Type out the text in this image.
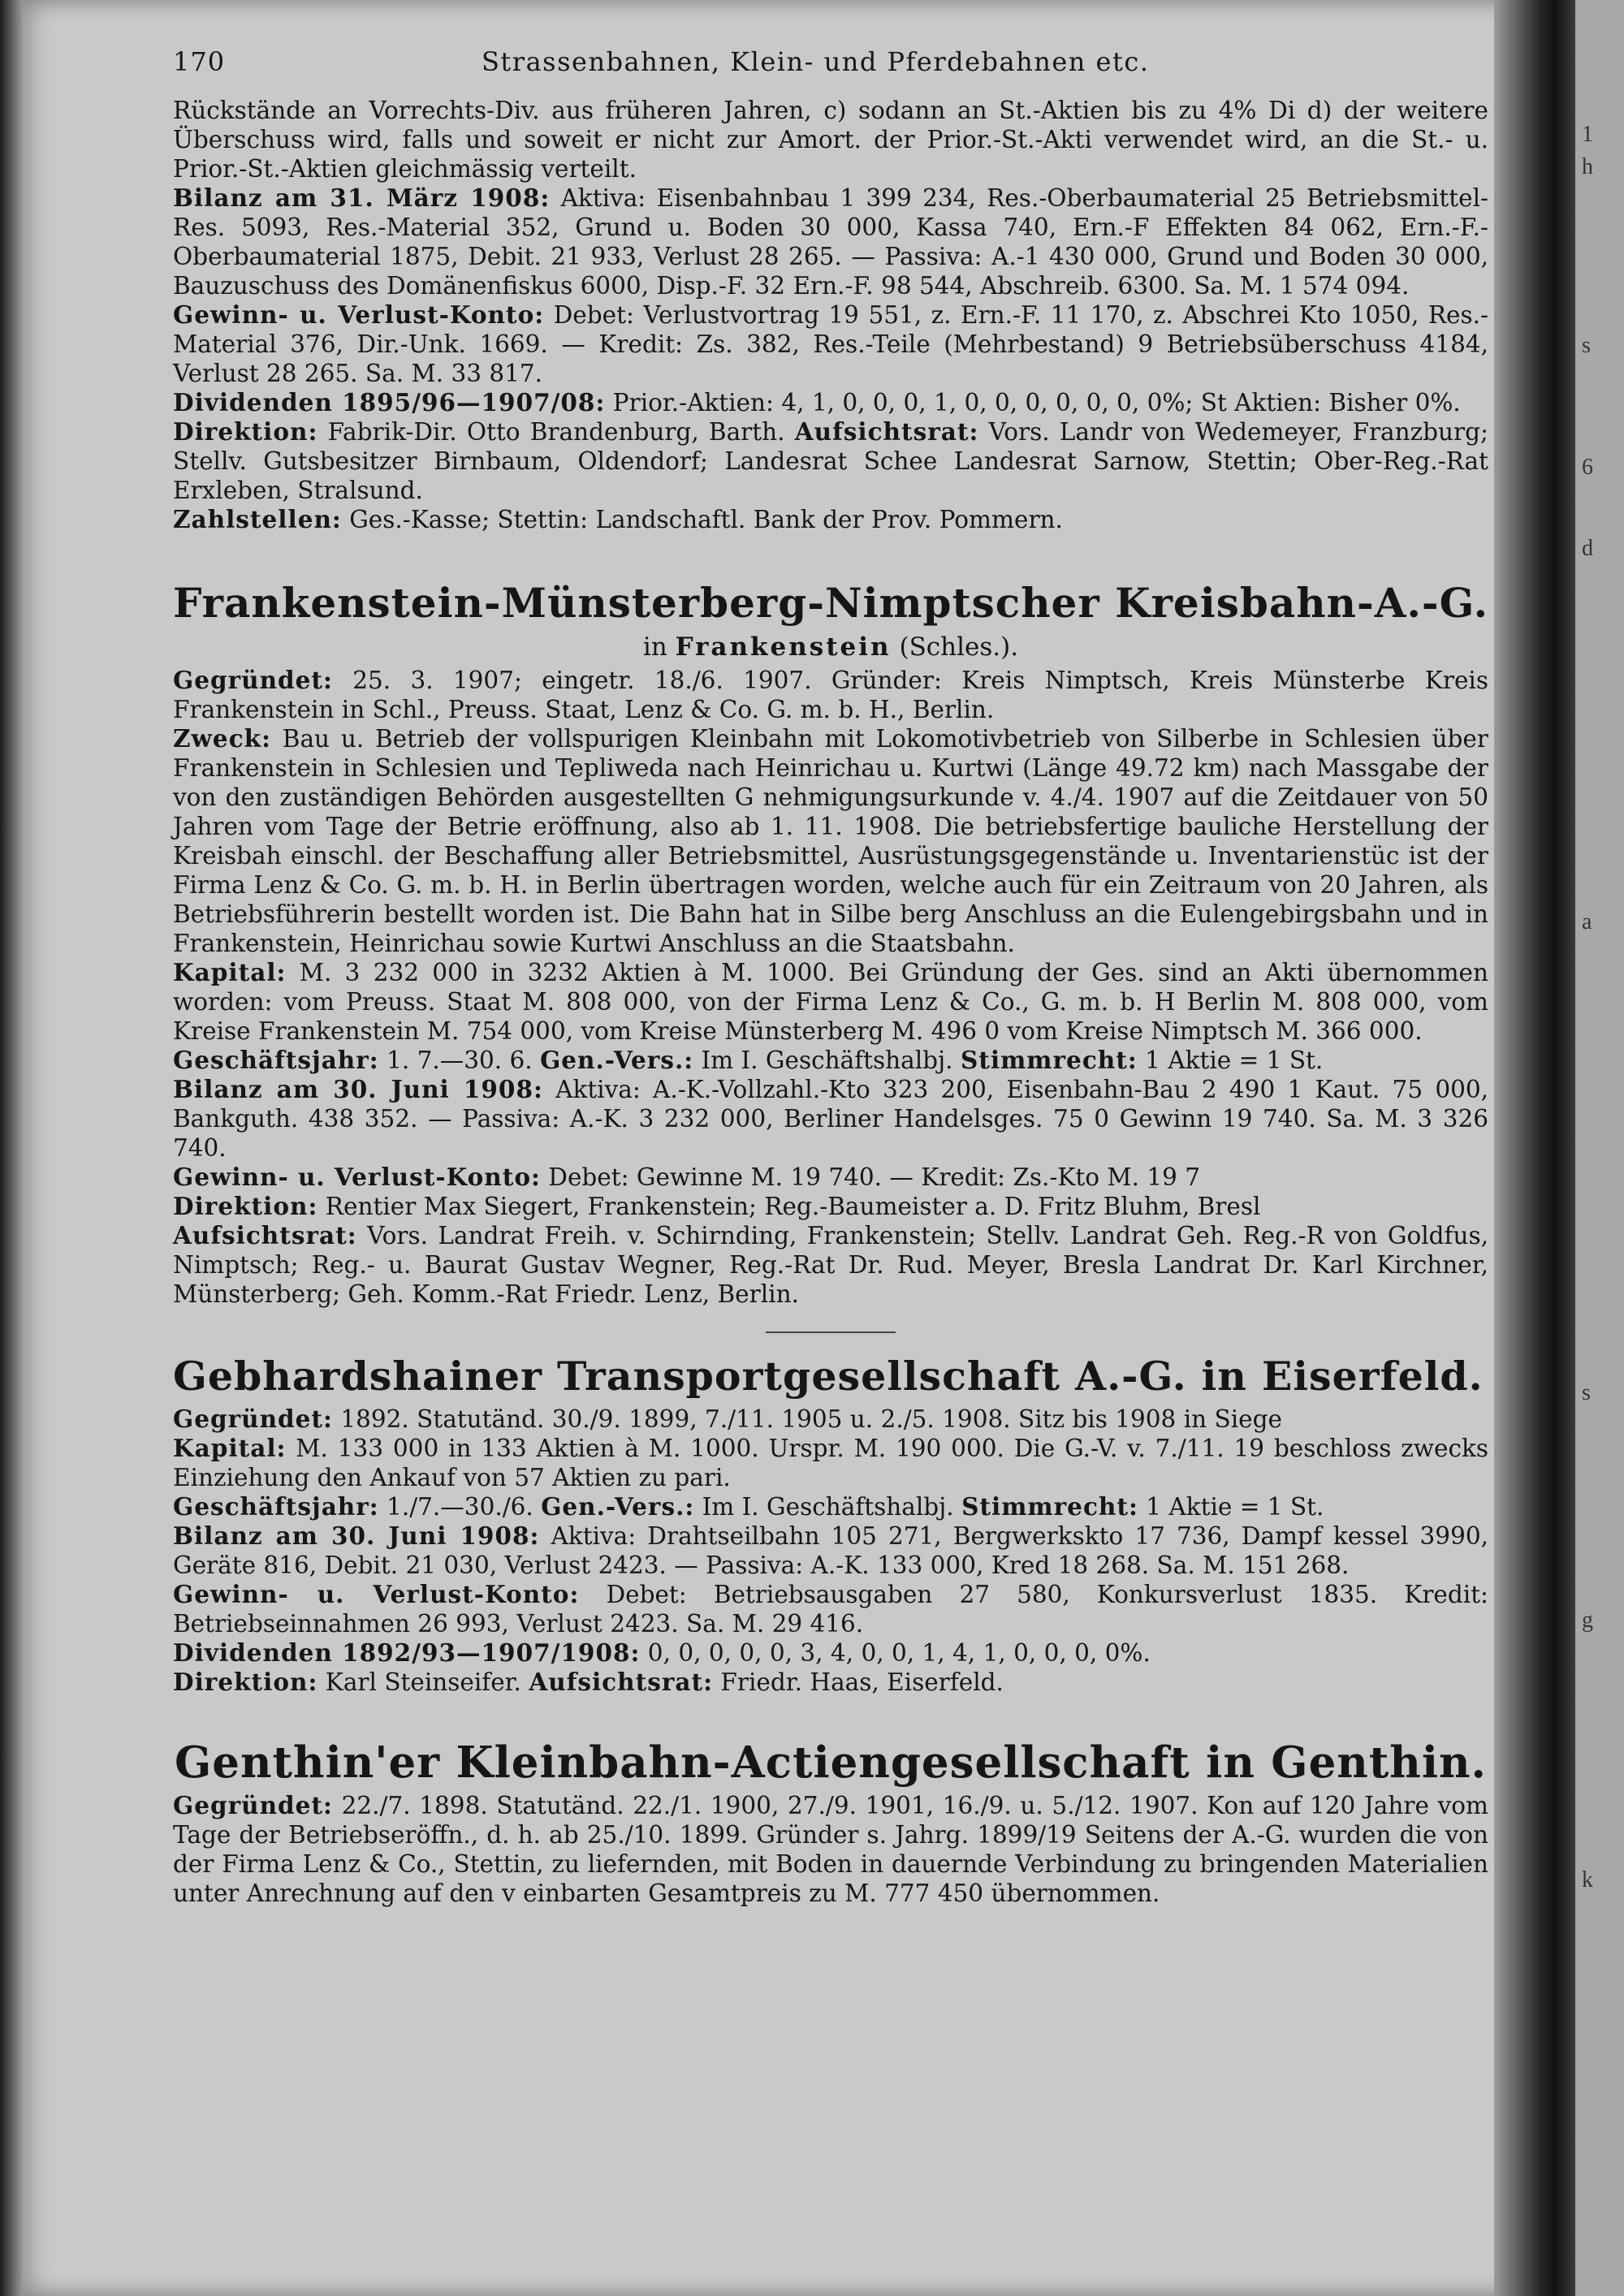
1
h
s
6
d
a
s
g
k
170	Strassenbahnen, Klein- und Pferdebahnen etc.

Rückstände an Vorrechts-Div. aus früheren Jahren, c) sodann an St.-Aktien bis zu 4% Di d) der weitere Überschuss wird, falls und soweit er nicht zur Amort. der Prior.-St.-Akti verwendet wird, an die St.- u. Prior.-St.-Aktien gleichmässig verteilt.

Bilanz am 31. März 1908: Aktiva: Eisenbahnbau 1 399 234, Res.-Oberbaumaterial 25 Betriebsmittel-Res. 5093, Res.-Material 352, Grund u. Boden 30 000, Kassa 740, Ern.-F Effekten 84 062, Ern.-F.-Oberbaumaterial 1875, Debit. 21 933, Verlust 28 265. — Passiva: A.-1 430 000, Grund und Boden 30 000, Bauzuschuss des Domänenfiskus 6000, Disp.-F. 32 Ern.-F. 98 544, Abschreib. 6300. Sa. M. 1 574 094.

Gewinn- u. Verlust-Konto: Debet: Verlustvortrag 19 551, z. Ern.-F. 11 170, z. Abschrei Kto 1050, Res.-Material 376, Dir.-Unk. 1669. — Kredit: Zs. 382, Res.-Teile (Mehrbestand) 9 Betriebsüberschuss 4184, Verlust 28 265. Sa. M. 33 817.

Dividenden 1895/96—1907/08: Prior.-Aktien: 4, 1, 0, 0, 0, 1, 0, 0, 0, 0, 0, 0, 0%; St Aktien: Bisher 0%.

Direktion: Fabrik-Dir. Otto Brandenburg, Barth. Aufsichtsrat: Vors. Landr von Wedemeyer, Franzburg; Stellv. Gutsbesitzer Birnbaum, Oldendorf; Landesrat Schee Landesrat Sarnow, Stettin; Ober-Reg.-Rat Erxleben, Stralsund.

Zahlstellen: Ges.-Kasse; Stettin: Landschaftl. Bank der Prov. Pommern.

Frankenstein-Münsterberg-Nimptscher Kreisbahn-A.-G.
in Frankenstein (Schles.).

Gegründet: 25. 3. 1907; eingetr. 18./6. 1907. Gründer: Kreis Nimptsch, Kreis Münsterbe Kreis Frankenstein in Schl., Preuss. Staat, Lenz & Co. G. m. b. H., Berlin.

Zweck: Bau u. Betrieb der vollspurigen Kleinbahn mit Lokomotivbetrieb von Silberbe in Schlesien über Frankenstein in Schlesien und Tepliweda nach Heinrichau u. Kurtwi (Länge 49.72 km) nach Massgabe der von den zuständigen Behörden ausgestellten G nehmigungsurkunde v. 4./4. 1907 auf die Zeitdauer von 50 Jahren vom Tage der Betrie eröffnung, also ab 1. 11. 1908. Die betriebsfertige bauliche Herstellung der Kreisbah einschl. der Beschaffung aller Betriebsmittel, Ausrüstungsgegenstände u. Inventarienstüc ist der Firma Lenz & Co. G. m. b. H. in Berlin übertragen worden, welche auch für ein Zeitraum von 20 Jahren, als Betriebsführerin bestellt worden ist. Die Bahn hat in Silbe berg Anschluss an die Eulengebirgsbahn und in Frankenstein, Heinrichau sowie Kurtwi Anschluss an die Staatsbahn.

Kapital: M. 3 232 000 in 3232 Aktien à M. 1000. Bei Gründung der Ges. sind an Akti übernommen worden: vom Preuss. Staat M. 808 000, von der Firma Lenz & Co., G. m. b. H Berlin M. 808 000, vom Kreise Frankenstein M. 754 000, vom Kreise Münsterberg M. 496 0 vom Kreise Nimptsch M. 366 000.

Geschäftsjahr: 1. 7.—30. 6. Gen.-Vers.: Im I. Geschäftshalbj. Stimmrecht: 1 Aktie = 1 St.

Bilanz am 30. Juni 1908: Aktiva: A.-K.-Vollzahl.-Kto 323 200, Eisenbahn-Bau 2 490 1 Kaut. 75 000, Bankguth. 438 352. — Passiva: A.-K. 3 232 000, Berliner Handelsges. 75 0 Gewinn 19 740. Sa. M. 3 326 740.

Gewinn- u. Verlust-Konto: Debet: Gewinne M. 19 740. — Kredit: Zs.-Kto M. 19 7

Direktion: Rentier Max Siegert, Frankenstein; Reg.-Baumeister a. D. Fritz Bluhm, Bresl

Aufsichtsrat: Vors. Landrat Freih. v. Schirnding, Frankenstein; Stellv. Landrat Geh. Reg.-R von Goldfus, Nimptsch; Reg.- u. Baurat Gustav Wegner, Reg.-Rat Dr. Rud. Meyer, Bresla Landrat Dr. Karl Kirchner, Münsterberg; Geh. Komm.-Rat Friedr. Lenz, Berlin.

Gebhardshainer Transportgesellschaft A.-G. in Eiserfeld.

Gegründet: 1892. Statutänd. 30./9. 1899, 7./11. 1905 u. 2./5. 1908. Sitz bis 1908 in Siege

Kapital: M. 133 000 in 133 Aktien à M. 1000. Urspr. M. 190 000. Die G.-V. v. 7./11. 19 beschloss zwecks Einziehung den Ankauf von 57 Aktien zu pari.

Geschäftsjahr: 1./7.—30./6. Gen.-Vers.: Im I. Geschäftshalbj. Stimmrecht: 1 Aktie = 1 St.

Bilanz am 30. Juni 1908: Aktiva: Drahtseilbahn 105 271, Bergwerkskto 17 736, Dampf kessel 3990, Geräte 816, Debit. 21 030, Verlust 2423. — Passiva: A.-K. 133 000, Kred 18 268. Sa. M. 151 268.

Gewinn- u. Verlust-Konto: Debet: Betriebsausgaben 27 580, Konkursverlust 1835. Kredit: Betriebseinnahmen 26 993, Verlust 2423. Sa. M. 29 416.

Dividenden 1892/93—1907/1908: 0, 0, 0, 0, 0, 3, 4, 0, 0, 1, 4, 1, 0, 0, 0, 0%.

Direktion: Karl Steinseifer. Aufsichtsrat: Friedr. Haas, Eiserfeld.

Genthin'er Kleinbahn-Actiengesellschaft in Genthin.

Gegründet: 22./7. 1898. Statutänd. 22./1. 1900, 27./9. 1901, 16./9. u. 5./12. 1907. Kon auf 120 Jahre vom Tage der Betriebseröffn., d. h. ab 25./10. 1899. Gründer s. Jahrg. 1899/19 Seitens der A.-G. wurden die von der Firma Lenz & Co., Stettin, zu liefernden, mit Boden in dauernde Verbindung zu bringenden Materialien unter Anrechnung auf den v einbarten Gesamtpreis zu M. 777 450 übernommen.
